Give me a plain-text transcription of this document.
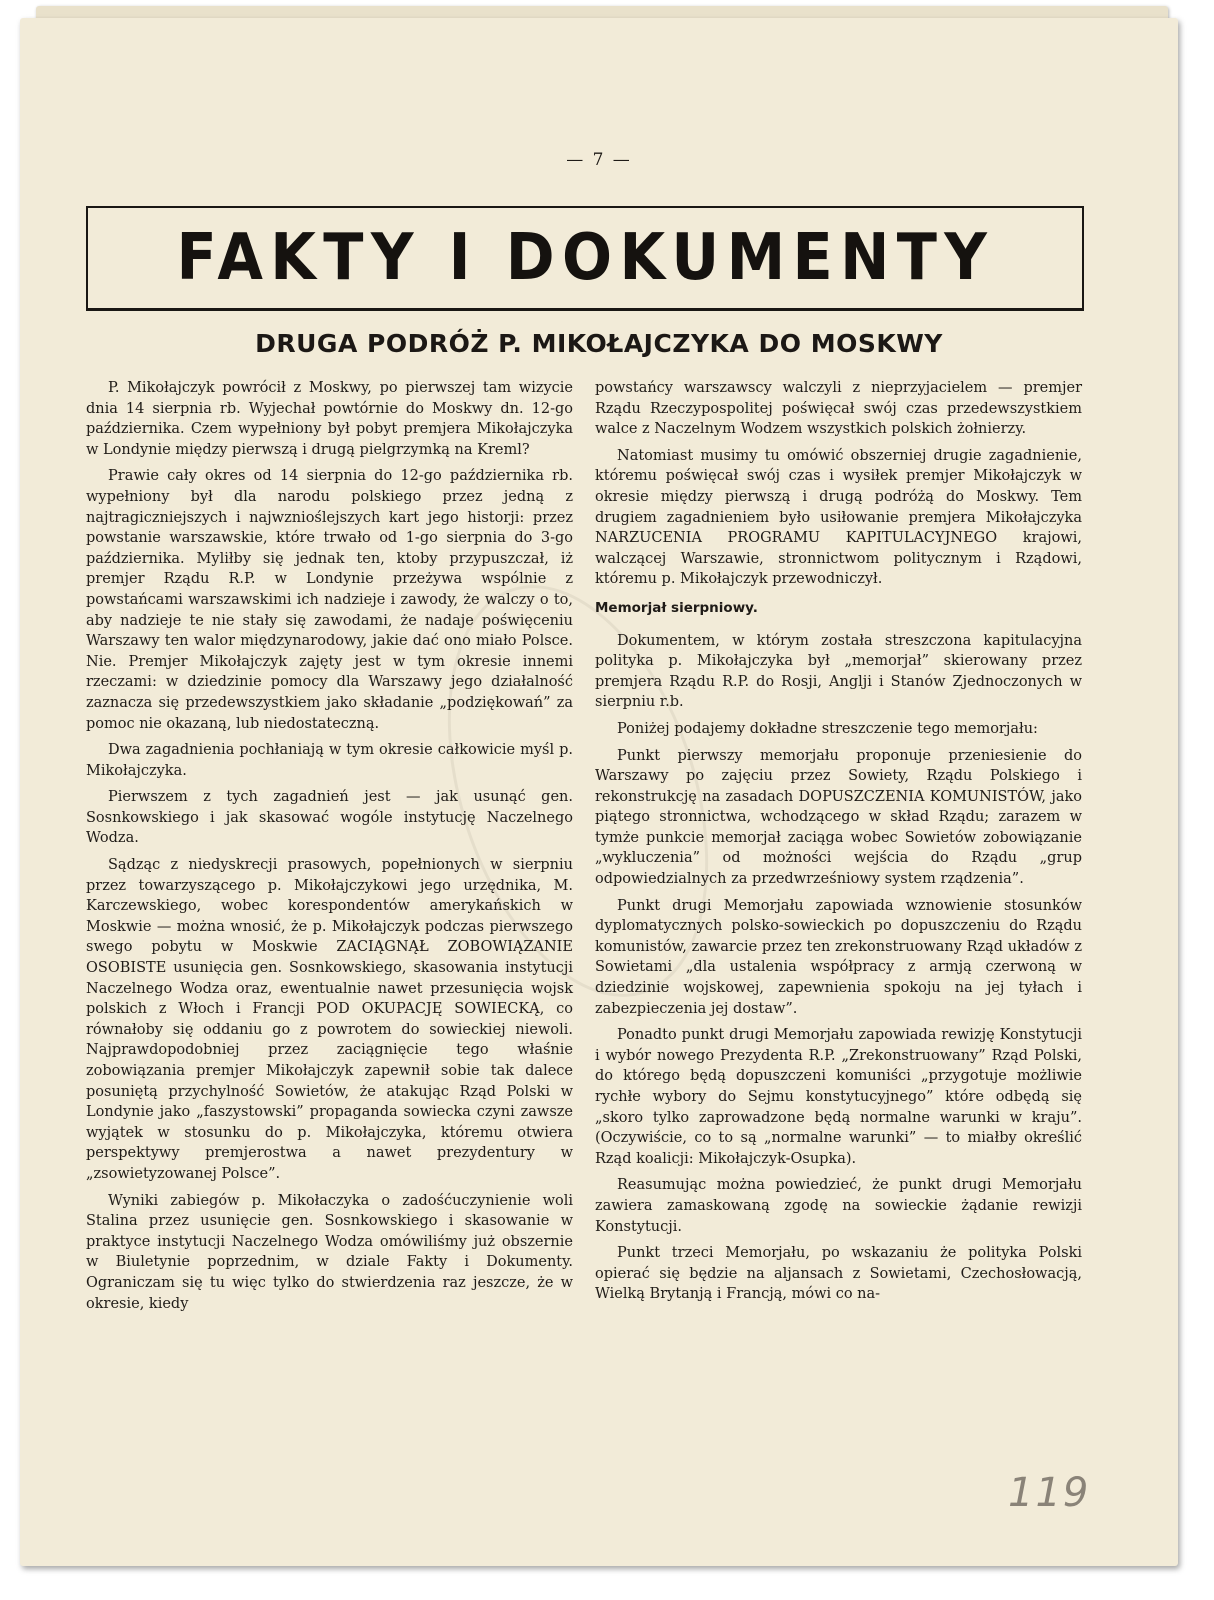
— 7 —
FAKTY I DOKUMENTY
DRUGA PODRÓŻ P. MIKOŁAJCZYKA DO MOSKWY

P. Mikołajczyk powrócił z Moskwy, po pierwszej tam wizycie dnia 14 sierpnia rb. Wyjechał powtórnie do Moskwy dn. 12-go października. Czem wypełniony był pobyt premjera Mikołajczyka w Londynie między pierwszą i drugą pielgrzymką na Kreml?

Prawie cały okres od 14 sierpnia do 12-go października rb. wypełniony był dla narodu polskiego przez jedną z najtragiczniejszych i najwznioślejszych kart jego historji: przez powstanie warszawskie, które trwało od 1-go sierpnia do 3-go października. Myliłby się jednak ten, ktoby przypuszczał, iż premjer Rządu R.P. w Londynie przeżywa wspólnie z powstańcami warszawskimi ich nadzieje i zawody, że walczy o to, aby nadzieje te nie stały się zawodami, że nadaje poświęceniu Warszawy ten walor międzynarodowy, jakie dać ono miało Polsce. Nie. Premjer Mikołajczyk zajęty jest w tym okresie innemi rzeczami: w dziedzinie pomocy dla Warszawy jego działalność zaznacza się przedewszystkiem jako składanie „podziękowań” za pomoc nie okazaną, lub niedostateczną.

Dwa zagadnienia pochłaniają w tym okresie całkowicie myśl p. Mikołajczyka.

Pierwszem z tych zagadnień jest — jak usunąć gen. Sosnkowskiego i jak skasować wogóle instytucję Naczelnego Wodza.

Sądząc z niedyskrecji prasowych, popełnionych w sierpniu przez towarzyszącego p. Mikołajczykowi jego urzędnika, M. Karczewskiego, wobec korespondentów amerykańskich w Moskwie — można wnosić, że p. Mikołajczyk podczas pierwszego swego pobytu w Moskwie ZACIĄGNĄŁ ZOBOWIĄZANIE OSOBISTE usunięcia gen. Sosnkowskiego, skasowania instytucji Naczelnego Wodza oraz, ewentualnie nawet przesunięcia wojsk polskich z Włoch i Francji POD OKUPACJĘ SOWIECKĄ, co równałoby się oddaniu go z powrotem do sowieckiej niewoli. Najprawdopodobniej przez zaciągnięcie tego właśnie zobowiązania premjer Mikołajczyk zapewnił sobie tak dalece posuniętą przychylność Sowietów, że atakując Rząd Polski w Londynie jako „faszystowski” propaganda sowiecka czyni zawsze wyjątek w stosunku do p. Mikołajczyka, któremu otwiera perspektywy premjerostwa a nawet prezydentury w „zsowietyzowanej Polsce”.

Wyniki zabiegów p. Mikołaczyka o zadośćuczynienie woli Stalina przez usunięcie gen. Sosnkowskiego i skasowanie w praktyce instytucji Naczelnego Wodza omówiliśmy już obszernie w Biuletynie poprzednim, w dziale Fakty i Dokumenty. Ograniczam się tu więc tylko do stwierdzenia raz jeszcze, że w okresie, kiedy

powstańcy warszawscy walczyli z nieprzyjacielem — premjer Rządu Rzeczypospolitej poświęcał swój czas przedewszystkiem walce z Naczelnym Wodzem wszystkich polskich żołnierzy.

Natomiast musimy tu omówić obszerniej drugie zagadnienie, któremu poświęcał swój czas i wysiłek premjer Mikołajczyk w okresie między pierwszą i drugą podróżą do Moskwy. Tem drugiem zagadnieniem było usiłowanie premjera Mikołajczyka NARZUCENIA PROGRAMU KAPITULACYJNEGO krajowi, walczącej Warszawie, stronnictwom politycznym i Rządowi, któremu p. Mikołajczyk przewodniczył.

Memorjał sierpniowy.

Dokumentem, w którym została streszczona kapitulacyjna polityka p. Mikołajczyka był „memorjał” skierowany przez premjera Rządu R.P. do Rosji, Anglji i Stanów Zjednoczonych w sierpniu r.b.

Poniżej podajemy dokładne streszczenie tego memorjału:

Punkt pierwszy memorjału proponuje przeniesienie do Warszawy po zajęciu przez Sowiety, Rządu Polskiego i rekonstrukcję na zasadach DOPUSZCZENIA KOMUNISTÓW, jako piątego stronnictwa, wchodzącego w skład Rządu; zarazem w tymże punkcie memorjał zaciąga wobec Sowietów zobowiązanie „wykluczenia” od możności wejścia do Rządu „grup odpowiedzialnych za przedwrześniowy system rządzenia”.

Punkt drugi Memorjału zapowiada wznowienie stosunków dyplomatycznych polsko-sowieckich po dopuszczeniu do Rządu komunistów, zawarcie przez ten zrekonstruowany Rząd układów z Sowietami „dla ustalenia współpracy z armją czerwoną w dziedzinie wojskowej, zapewnienia spokoju na jej tyłach i zabezpieczenia jej dostaw”.

Ponadto punkt drugi Memorjału zapowiada rewizję Konstytucji i wybór nowego Prezydenta R.P. „Zrekonstruowany” Rząd Polski, do którego będą dopuszczeni komuniści „przygotuje możliwie rychłe wybory do Sejmu konstytucyjnego” które odbędą się „skoro tylko zaprowadzone będą normalne warunki w kraju”. (Oczywiście, co to są „normalne warunki” — to miałby określić Rząd koalicji: Mikołajczyk-Osupka).

Reasumując można powiedzieć, że punkt drugi Memorjału zawiera zamaskowaną zgodę na sowieckie żądanie rewizji Konstytucji.

Punkt trzeci Memorjału, po wskazaniu że polityka Polski opierać się będzie na aljansach z Sowietami, Czechosłowacją, Wielką Brytanją i Francją, mówi co na-

119
